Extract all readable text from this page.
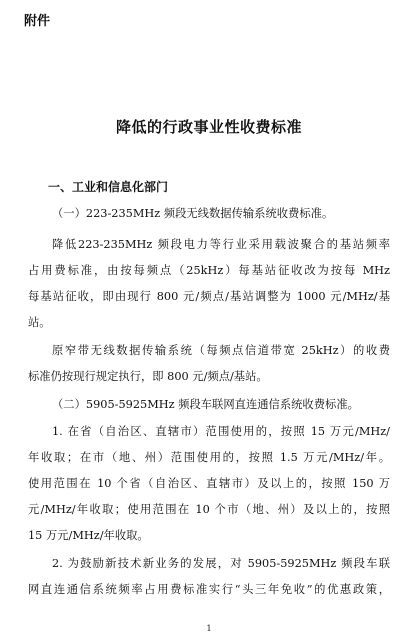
附件
降低的行政事业性收费标准
一、工业和信息化部门
（一）223-235MHz 频段无线数据传输系统收费标准。
降低223-235MHz 频段电力等行业采用载波聚合的基站频率
占用费标准，由按每频点（25kHz）每基站征收改为按每 MHz
每基站征收，即由现行 800 元/频点/基站调整为 1000 元/MHz/基
站。
原窄带无线数据传输系统（每频点信道带宽 25kHz）的收费
标准仍按现行规定执行，即 800 元/频点/基站。
（二）5905-5925MHz 频段车联网直连通信系统收费标准。
1. 在省（自治区、直辖市）范围使用的，按照 15 万元/MHz/
年收取；在市（地、州）范围使用的，按照 1.5 万元/MHz/年。
使用范围在 10 个省（自治区、直辖市）及以上的，按照 150 万
元/MHz/年收取；使用范围在 10 个市（地、州）及以上的，按照
15 万元/MHz/年收取。
2. 为鼓励新技术新业务的发展，对 5905-5925MHz 频段车联
网直连通信系统频率占用费标准实行“头三年免收”的优惠政策，
1
